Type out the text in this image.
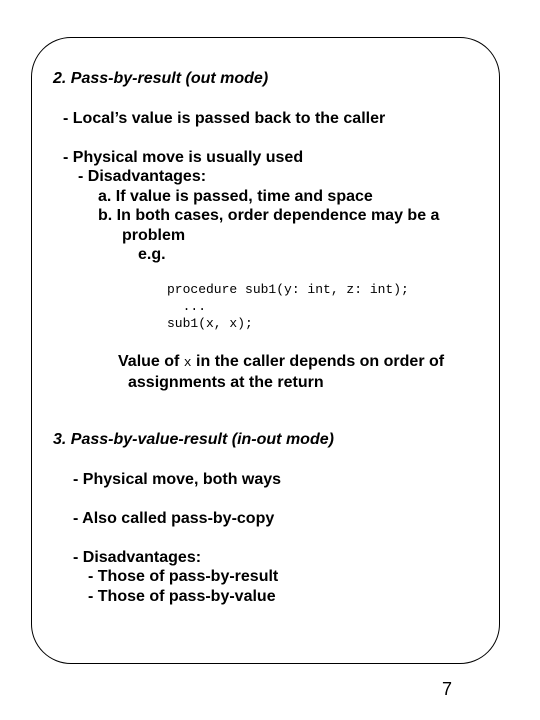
2. Pass-by-result (out mode)
- Local’s value is passed back to the caller
- Physical move is usually used
- Disadvantages:
a. If value is passed, time and space
b. In both cases, order dependence may be a
problem
e.g.
procedure sub1(y: int, z: int);
...
sub1(x, x);
Value of x in the caller depends on order of
assignments at the return
3. Pass-by-value-result (in-out mode)
- Physical move, both ways
- Also called pass-by-copy
- Disadvantages:
- Those of pass-by-result
- Those of pass-by-value
7
